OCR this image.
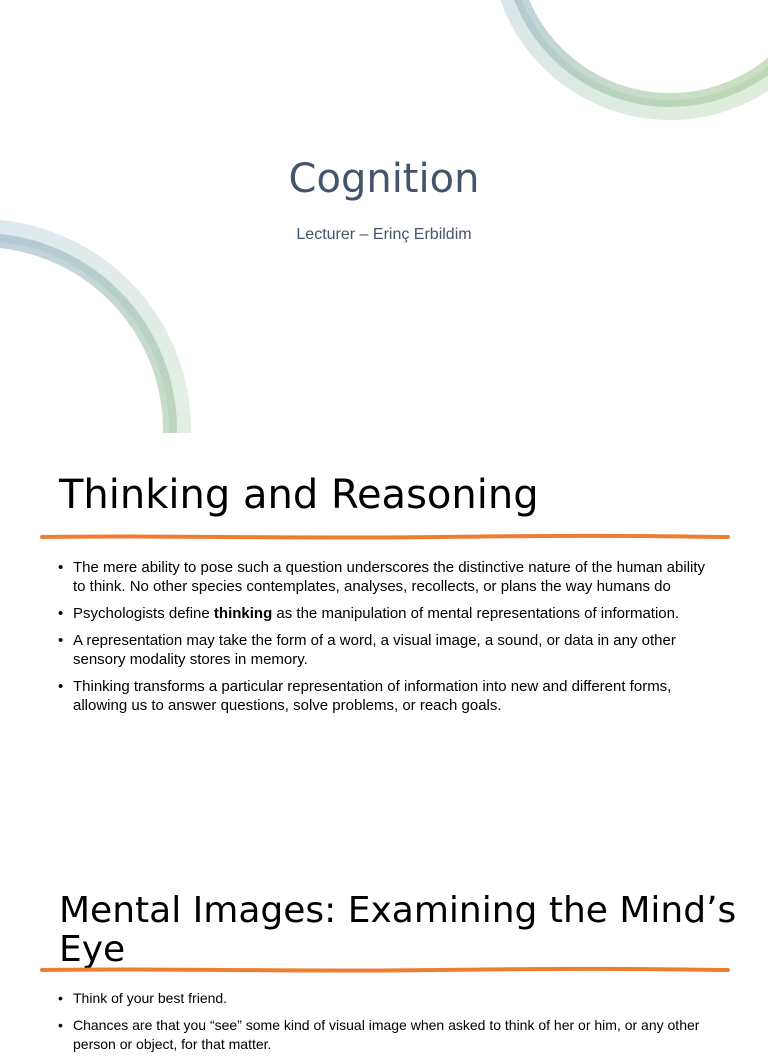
Cognition
Lecturer – Erinç Erbildim
Thinking and Reasoning
• The mere ability to pose such a question underscores the distinctive nature of the human ability to think. No other species contemplates, analyses, recollects, or plans the way humans do
• Psychologists define thinking as the manipulation of mental representations of information.
• A representation may take the form of a word, a visual image, a sound, or data in any other sensory modality stores in memory.
• Thinking transforms a particular representation of information into new and different forms, allowing us to answer questions, solve problems, or reach goals.
Mental Images: Examining the Mind’s Eye
• Think of your best friend.
• Chances are that you “see” some kind of visual image when asked to think of her or him, or any other person or object, for that matter.
